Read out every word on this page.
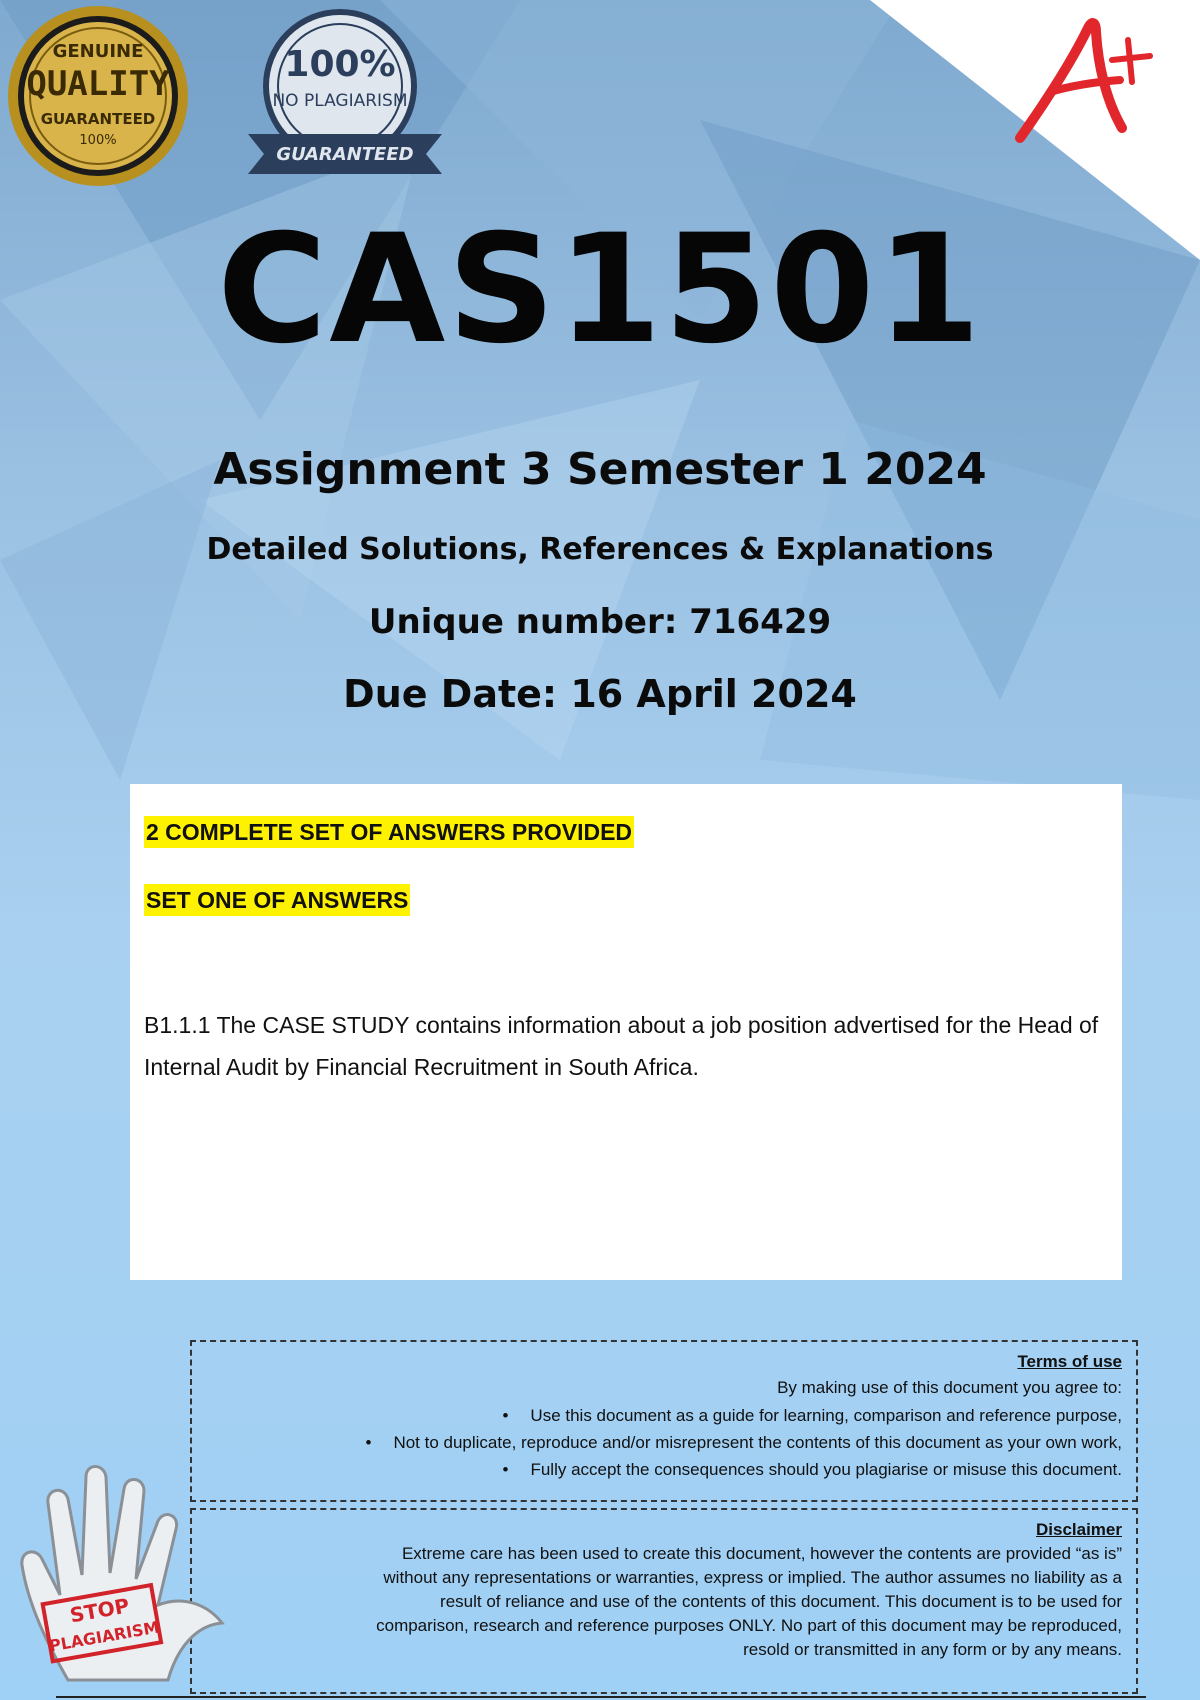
GENUINE
QUALITY
GUARANTEED
100%
100%
NO PLAGIARISM
GUARANTEED
CAS1501
Assignment 3 Semester 1 2024
Detailed Solutions, References & Explanations
Unique number: 716429
Due Date: 16 April 2024
2 COMPLETE SET OF ANSWERS PROVIDED
SET ONE OF ANSWERS

B1.1.1 The CASE STUDY contains information about a job position advertised for the Head of Internal Audit by Financial Recruitment in South Africa.

Terms of use

By making use of this document you agree to:

• Use this document as a guide for learning, comparison and reference purpose,
• Not to duplicate, reproduce and/or misrepresent the contents of this document as your own work,
• Fully accept the consequences should you plagiarise or misuse this document.

Disclaimer

Extreme care has been used to create this document, however the contents are provided “as is” without any representations or warranties, express or implied. The author assumes no liability as a result of reliance and use of the contents of this document. This document is to be used for comparison, research and reference purposes ONLY. No part of this document may be reproduced, resold or transmitted in any form or by any means.

STOP
PLAGIARISM
